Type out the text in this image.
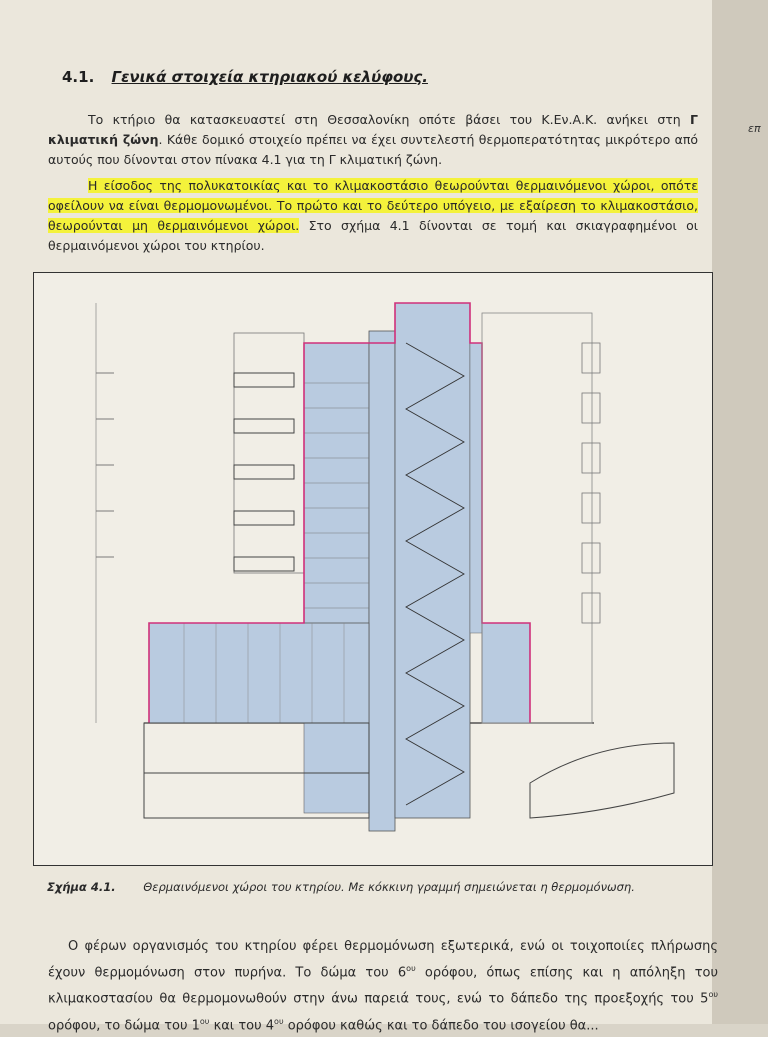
επ
4.1. Γενικά στοιχεία κτηριακού κελύφους.
Το κτήριο θα κατασκευαστεί στη Θεσσαλονίκη οπότε βάσει του Κ.Εν.Α.Κ. ανήκει στη Γ κλιματική ζώνη. Κάθε δομικό στοιχείο πρέπει να έχει συντελεστή θερμοπερατότητας μικρότερο από αυτούς που δίνονται στον πίνακα 4.1 για τη Γ κλιματική ζώνη.
Η είσοδος της πολυκατοικίας και το κλιμακοστάσιο θεωρούνται θερμαινόμενοι χώροι, οπότε οφείλουν να είναι θερμομονωμένοι. Το πρώτο και το δεύτερο υπόγειο, με εξαίρεση το κλιμακοστάσιο, θεωρούνται μη θερμαινόμενοι χώροι. Στο σχήμα 4.1 δίνονται σε τομή και σκιαγραφημένοι οι θερμαινόμενοι χώροι του κτηρίου.
Σχήμα 4.1. Θερμαινόμενοι χώροι του κτηρίου. Με κόκκινη γραμμή σημειώνεται η θερμομόνωση.
Ο φέρων οργανισμός του κτηρίου φέρει θερμομόνωση εξωτερικά, ενώ οι τοιχοποιίες πλήρωσης έχουν θερμομόνωση στον πυρήνα. Το δώμα του $6^{o\upsilon}$ ορόφου, όπως επίσης και η απόληξη του κλιμακοστασίου θα θερμομονωθούν στην άνω παρειά τους, ενώ το δάπεδο της προεξοχής του $5^{o\upsilon}$ ορόφου, το δώμα του $1^{o\upsilon}$ και του $4^{o\upsilon}$ ορόφου καθώς και το δάπεδο του ισογείου θα...
